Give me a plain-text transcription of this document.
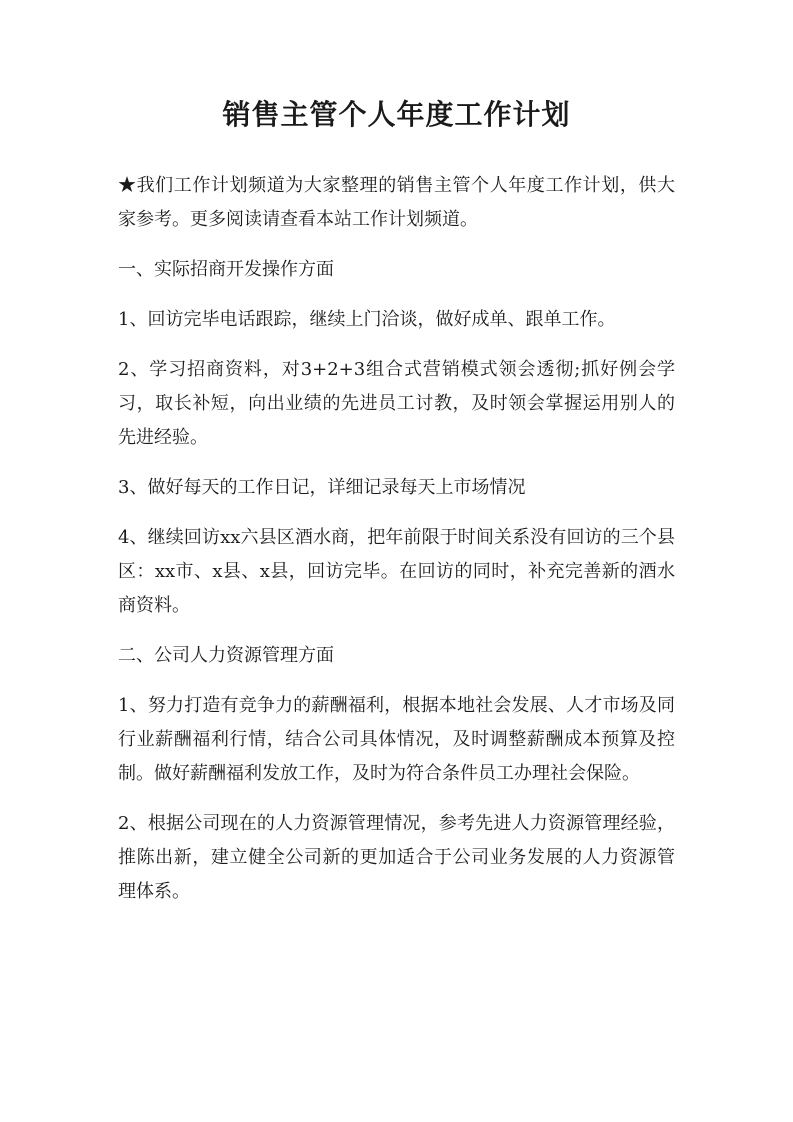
销售主管个人年度工作计划

★我们工作计划频道为大家整理的销售主管个人年度工作计划，供大家参考。更多阅读请查看本站工作计划频道。

一、实际招商开发操作方面

1、回访完毕电话跟踪，继续上门洽谈，做好成单、跟单工作。

2、学习招商资料，对3+2+3组合式营销模式领会透彻;抓好例会学习，取长补短，向出业绩的先进员工讨教，及时领会掌握运用别人的先进经验。

3、做好每天的工作日记，详细记录每天上市场情况

4、继续回访xx六县区酒水商，把年前限于时间关系没有回访的三个县区：xx市、x县、x县，回访完毕。在回访的同时，补充完善新的酒水商资料。

二、公司人力资源管理方面

1、努力打造有竞争力的薪酬福利，根据本地社会发展、人才市场及同行业薪酬福利行情，结合公司具体情况，及时调整薪酬成本预算及控制。做好薪酬福利发放工作，及时为符合条件员工办理社会保险。

2、根据公司现在的人力资源管理情况，参考先进人力资源管理经验，推陈出新，建立健全公司新的更加适合于公司业务发展的人力资源管理体系。
